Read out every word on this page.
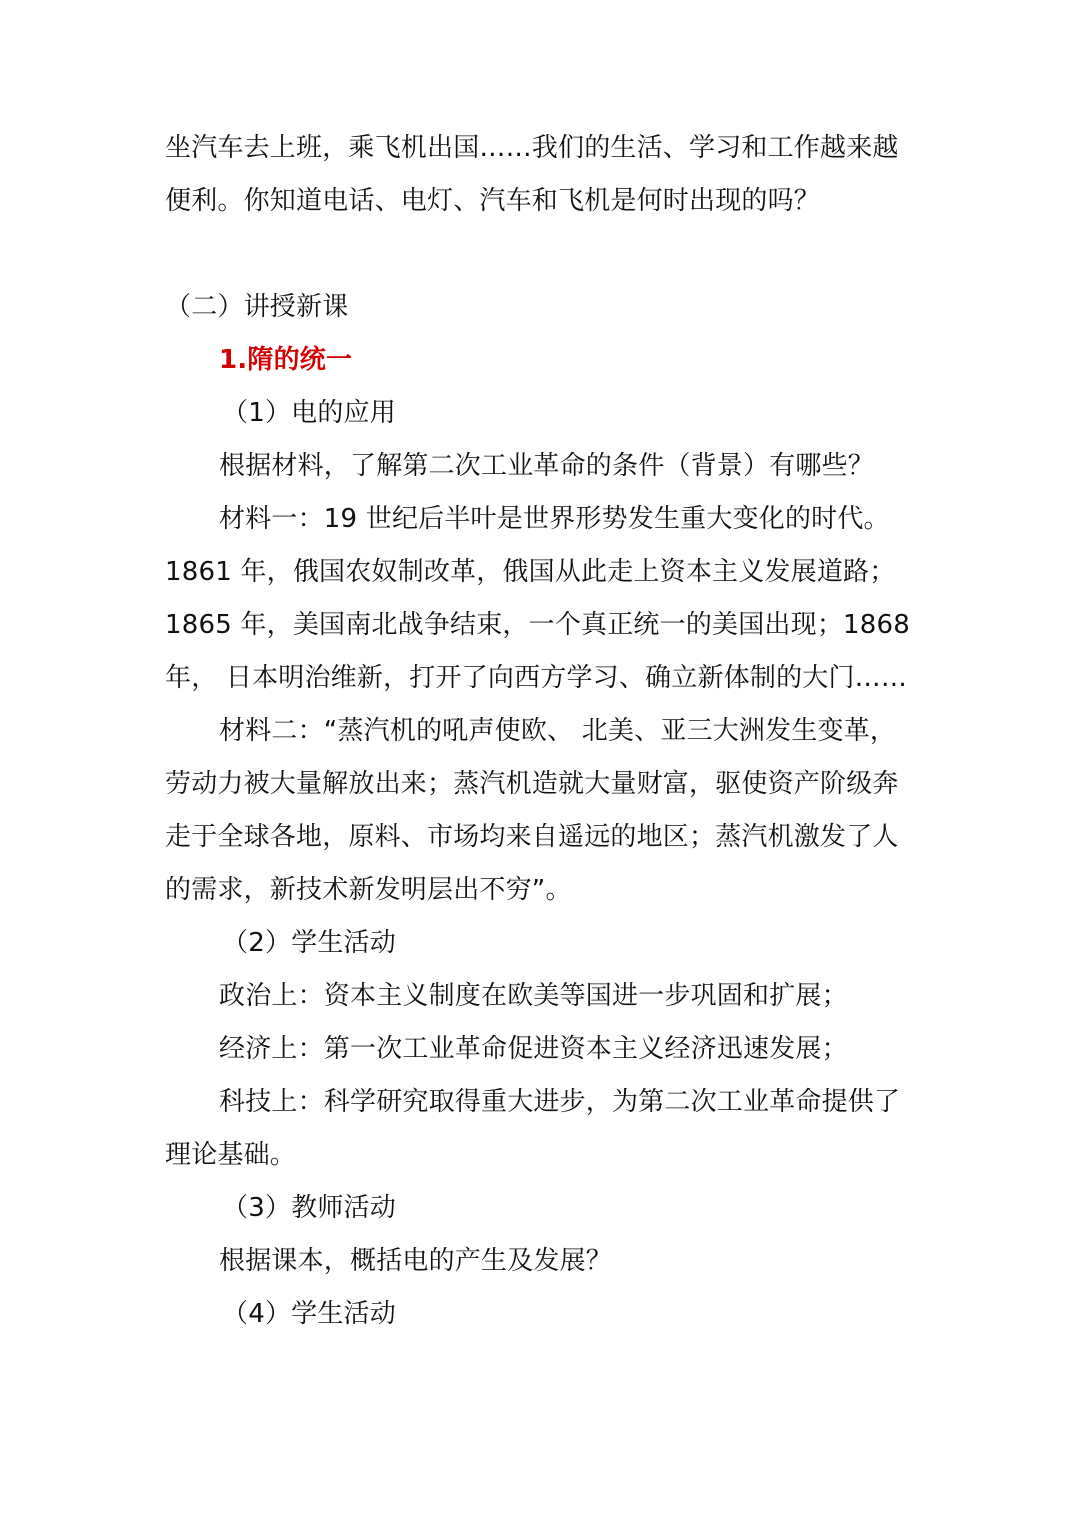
坐汽车去上班，乘飞机出国……我们的生活、学习和工作越来越
便利。你知道电话、电灯、汽车和飞机是何时出现的吗？
（二）讲授新课
1.隋的统一
（1）电的应用
根据材料，了解第二次工业革命的条件（背景）有哪些？
材料一：19 世纪后半叶是世界形势发生重大变化的时代。
1861 年，俄国农奴制改革，俄国从此走上资本主义发展道路；
1865 年，美国南北战争结束，一个真正统一的美国出现；1868
年， 日本明治维新，打开了向西方学习、确立新体制的大门……
材料二：“蒸汽机的吼声使欧、 北美、亚三大洲发生变革，
劳动力被大量解放出来；蒸汽机造就大量财富，驱使资产阶级奔
走于全球各地，原料、市场均来自遥远的地区；蒸汽机激发了人
的需求，新技术新发明层出不穷”。
（2）学生活动
政治上：资本主义制度在欧美等国进一步巩固和扩展；
经济上：第一次工业革命促进资本主义经济迅速发展；
科技上：科学研究取得重大进步，为第二次工业革命提供了
理论基础。
（3）教师活动
根据课本，概括电的产生及发展？
（4）学生活动
